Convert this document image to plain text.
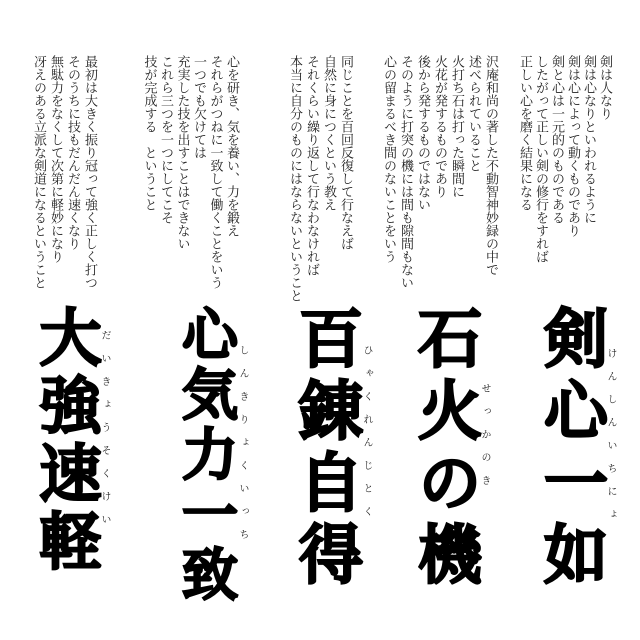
剣は人なり
剣は心なりといわれるように
剣は心によって動くものであり
剣と心は一元的のものである
したがって正しい剣の修行をすれば
正しい心を磨く結果になる
剣心一如
けんしんいちにょ
沢庵和尚の著した不動智神妙録の中で
述べられていること
火打ち石は打った瞬間に
火花が発するものであり
後から発するものではない
そのように打突の機には間も隙間もない
心の留まるべき間のないことをいう
石火の機
せっかのき
同じことを百回反復して行なえば
自然に身につくという教え
それくらい繰り返して行なわなければ
本当に自分のものにはならないということ
百錬自得
ひゃくれんじとく
心を研き、気を養い、力を鍛え
それらがつねに一致して働くことをいう
一つでも欠けては
充実した技を出すことはできない
これら三つを一つにしてこそ
技が完成する　ということ
心気力一致
しんきりょくいっち
最初は大きく振り冠って強く正しく打つ
そのうちに技もだんだん速くなり
無駄力をなくして次第に軽妙になり
冴えのある立派な剣道になるということ
大強速軽
だいきょうそくけい
